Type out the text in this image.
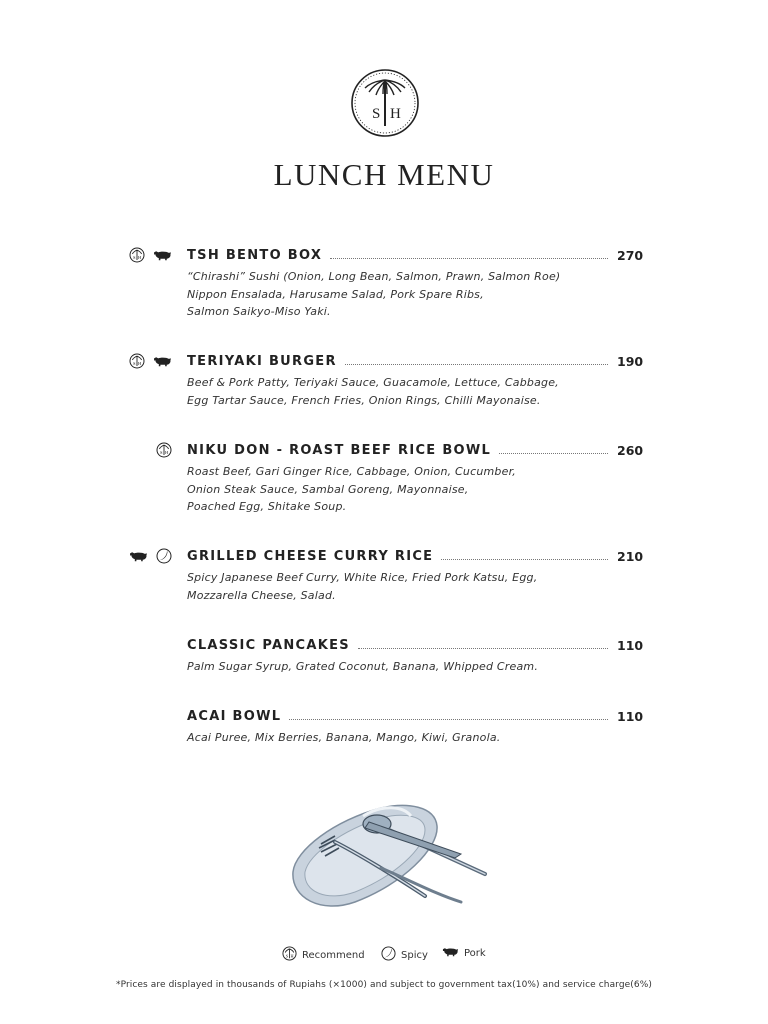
S H
LUNCH MENU
S H	TSH BENTO BOX	270
“Chirashi” Sushi (Onion, Long Bean, Salmon, Prawn, Salmon Roe)
Nippon Ensalada, Harusame Salad, Pork Spare Ribs,
Salmon Saikyo-Miso Yaki.
S H	TERIYAKI BURGER	190
Beef & Pork Patty, Teriyaki Sauce, Guacamole, Lettuce, Cabbage,
Egg Tartar Sauce, French Fries, Onion Rings, Chilli Mayonaise.
S H NIKU DON - ROAST BEEF RICE BOWL	260
Roast Beef, Gari Ginger Rice, Cabbage, Onion, Cucumber,
Onion Steak Sauce, Sambal Goreng, Mayonnaise,
Poached Egg, Shitake Soup.
GRILLED CHEESE CURRY RICE	210
Spicy Japanese Beef Curry, White Rice, Fried Pork Katsu, Egg,
Mozzarella Cheese, Salad.
CLASSIC PANCAKES	110
Palm Sugar Syrup, Grated Coconut, Banana, Whipped Cream.
ACAI BOWL	110
Acai Puree, Mix Berries, Banana, Mango, Kiwi, Granola.
S H Recommend	Spicy	Pork
*Prices are displayed in thousands of Rupiahs (×1000) and subject to government tax(10%) and service charge(6%)
